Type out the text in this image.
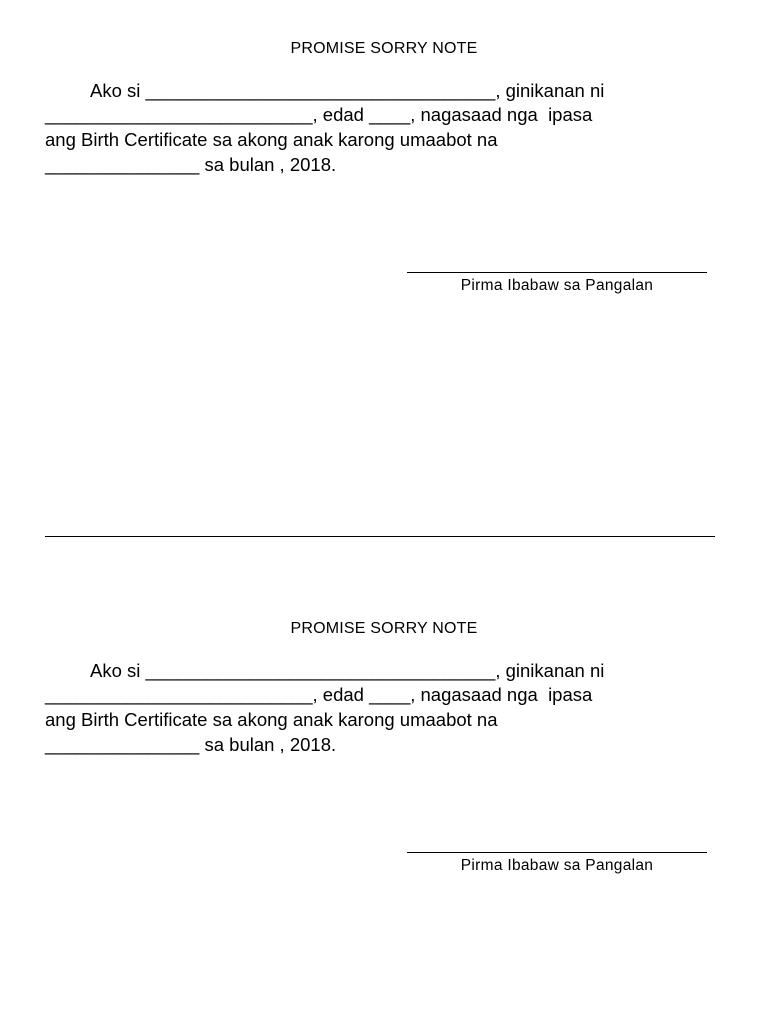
PROMISE SORRY NOTE
Ako si __________________________________, ginikanan ni
__________________________, edad ____, nagasaad nga  ipasa
ang Birth Certificate sa akong anak karong umaabot na
_______________ sa bulan , 2018.
Pirma Ibabaw sa Pangalan
PROMISE SORRY NOTE
Ako si __________________________________, ginikanan ni
__________________________, edad ____, nagasaad nga  ipasa
ang Birth Certificate sa akong anak karong umaabot na
_______________ sa bulan , 2018.
Pirma Ibabaw sa Pangalan
